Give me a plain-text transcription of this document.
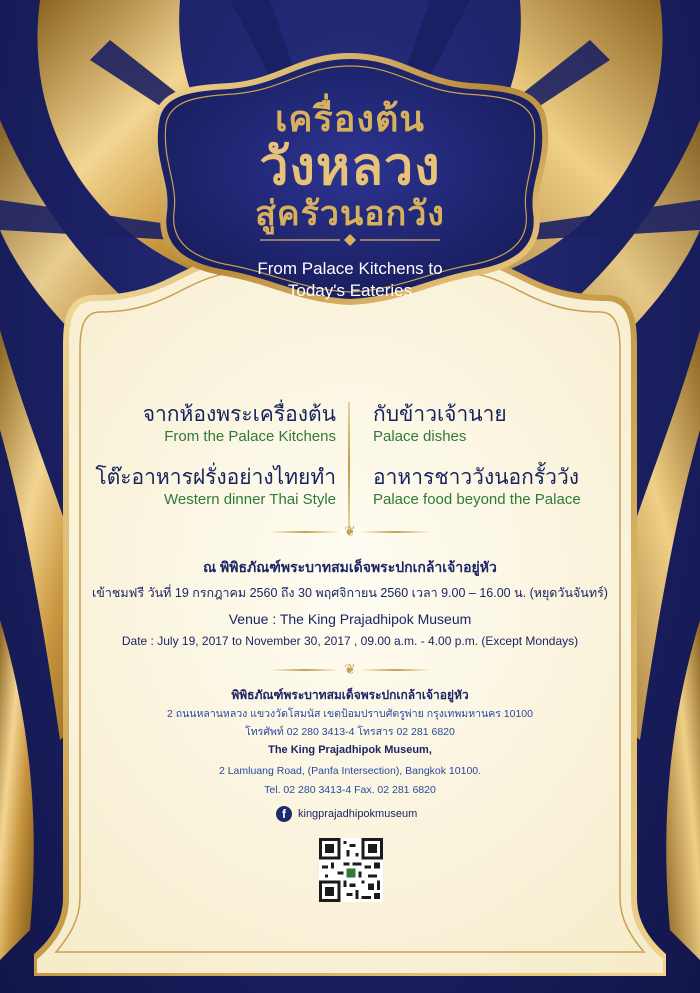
เครื่องต้น
วังหลวง
สู่ครัวนอกวัง
From Palace Kitchens to
Today's Eateries
จากห้องพระเครื่องต้น
From the Palace Kitchens
กับข้าวเจ้านาย
Palace dishes
โต๊ะอาหารฝรั่งอย่างไทยทำ
Western dinner Thai Style
อาหารชาววังนอกรั้ววัง
Palace food beyond the Palace
❦
ณ พิพิธภัณฑ์พระบาทสมเด็จพระปกเกล้าเจ้าอยู่หัว
เข้าชมฟรี วันที่ 19 กรกฎาคม 2560 ถึง 30 พฤศจิกายน 2560 เวลา 9.00 – 16.00 น. (หยุดวันจันทร์)
Venue : The King Prajadhipok Museum
Date : July 19, 2017 to November 30, 2017 , 09.00 a.m. - 4.00 p.m. (Except Mondays)
❦
พิพิธภัณฑ์พระบาทสมเด็จพระปกเกล้าเจ้าอยู่หัว
2 ถนนหลานหลวง แขวงวัดโสมนัส เขตป้อมปราบศัตรูพ่าย กรุงเทพมหานคร 10100
โทรศัพท์ 02 280 3413-4 โทรสาร 02 281 6820
The King Prajadhipok Museum,
2 Lamluang Road, (Panfa Intersection), Bangkok 10100.
Tel. 02 280 3413-4 Fax. 02 281 6820
f	kingprajadhipokmuseum
